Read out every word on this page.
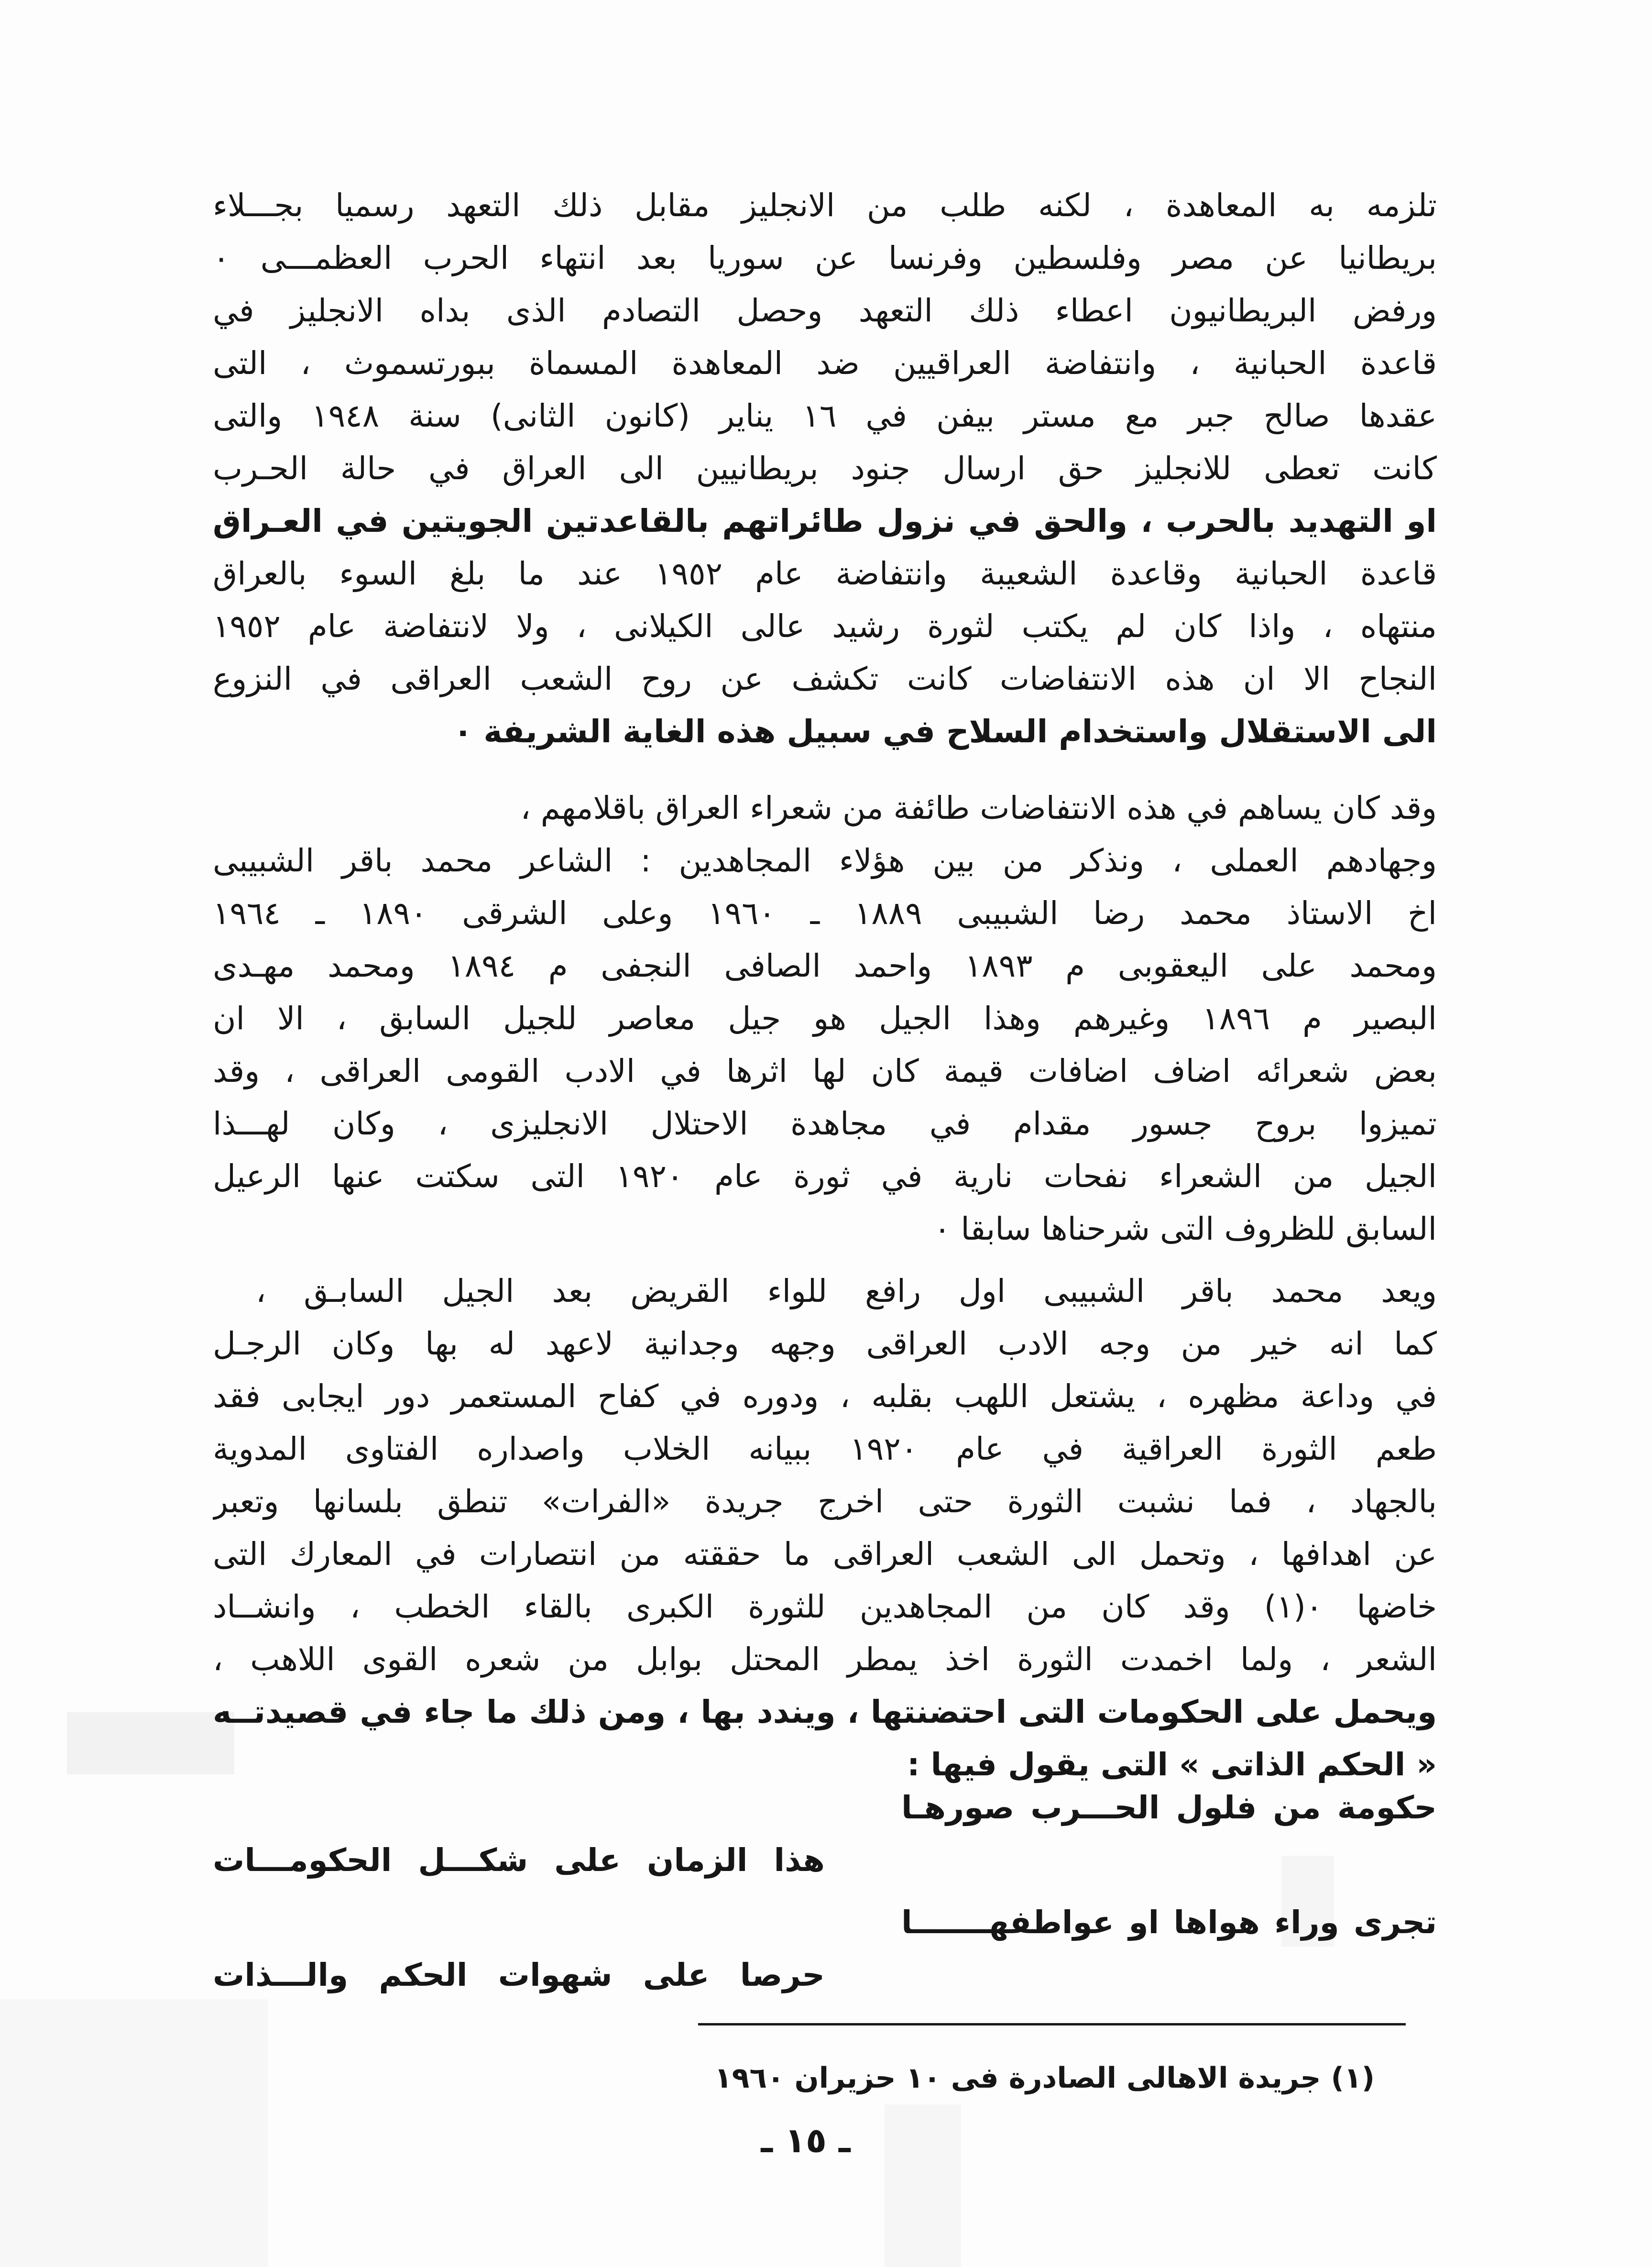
تلزمه به المعاهدة ، لكنه طلب من الانجليز مقابل ذلك التعهد رسميا بجـــلاء
بريطانيا عن مصر وفلسطين وفرنسا عن سوريا بعد انتهاء الحرب العظمـــى ٠
ورفض البريطانيون اعطاء ذلك التعهد وحصل التصادم الذى بداه الانجليز في
قاعدة الحبانية ، وانتفاضة العراقيين ضد المعاهدة المسماة ببورتسموث ، التى
عقدها صالح جبر مع مستر بيفن في ١٦ يناير (كانون الثانى) سنة ١٩٤٨ والتى
كانت تعطى للانجليز حق ارسال جنود بريطانيين الى العراق في حالة الحـرب
او التهديد بالحرب ، والحق في نزول طائراتهم بالقاعدتين الجويتين في العـراق
قاعدة الحبانية وقاعدة الشعيبة وانتفاضة عام ١٩٥٢ عند ما بلغ السوء بالعراق
منتهاه ، واذا كان لم يكتب لثورة رشيد عالى الكيلانى ، ولا لانتفاضة عام ١٩٥٢
النجاح الا ان هذه الانتفاضات كانت تكشف عن روح الشعب العراقى في النزوع
الى الاستقلال واستخدام السلاح في سبيل هذه الغاية الشريفة ٠
وقد كان يساهم في هذه الانتفاضات طائفة من شعراء العراق باقلامهم ،
وجهادهم العملى ، ونذكر من بين هؤلاء المجاهدين : الشاعر محمد باقر الشبيبى
اخ الاستاذ محمد رضا الشبيبى ١٨٨٩ ـ ١٩٦٠ وعلى الشرقى ١٨٩٠ ـ ١٩٦٤
ومحمد على اليعقوبى م ١٨٩٣ واحمد الصافى النجفى م ١٨٩٤ ومحمد مهـدى
البصير م ١٨٩٦ وغيرهم وهذا الجيل هو جيل معاصر للجيل السابق ، الا ان
بعض شعرائه اضاف اضافات قيمة كان لها اثرها في الادب القومى العراقى ، وقد
تميزوا بروح جسور مقدام في مجاهدة الاحتلال الانجليزى ، وكان لهـــذا
الجيل من الشعراء نفحات نارية في ثورة عام ١٩٢٠ التى سكتت عنها الرعيل
السابق للظروف التى شرحناها سابقا ٠
ويعد محمد باقر الشبيبى اول رافع للواء القريض بعد الجيل السابـق ،
كما انه خير من وجه الادب العراقى وجهه وجدانية لاعهد له بها وكان الرجـل
في وداعة مظهره ، يشتعل اللهب بقلبه ، ودوره في كفاح المستعمر دور ايجابى فقد
طعم الثورة العراقية في عام ١٩٢٠ ببيانه الخلاب واصداره الفتاوى المدوية
بالجهاد ، فما نشبت الثورة حتى اخرج جريدة «الفرات» تنطق بلسانها وتعبر
عن اهدافها ، وتحمل الى الشعب العراقى ما حققته من انتصارات في المعارك التى
خاضها ٠(١) وقد كان من المجاهدين للثورة الكبرى بالقاء الخطب ، وانشــاد
الشعر ، ولما اخمدت الثورة اخذ يمطر المحتل بوابل من شعره القوى اللاهب ،
ويحمل على الحكومات التى احتضنتها ، ويندد بها ، ومن ذلك ما جاء في قصيدتــه
« الحكم الذاتى » التى يقول فيها :
حكومة من فلول الحـــرب صورهـا
هذا الزمان على شكـــل الحكومـــات
تجرى وراء هواها او عواطفهـــــــا
حرصا على شهوات الحكم والـــذات
(١) جريدة الاهالى الصادرة فى ١٠ حزيران ١٩٦٠
ـ ١٥ ـ
